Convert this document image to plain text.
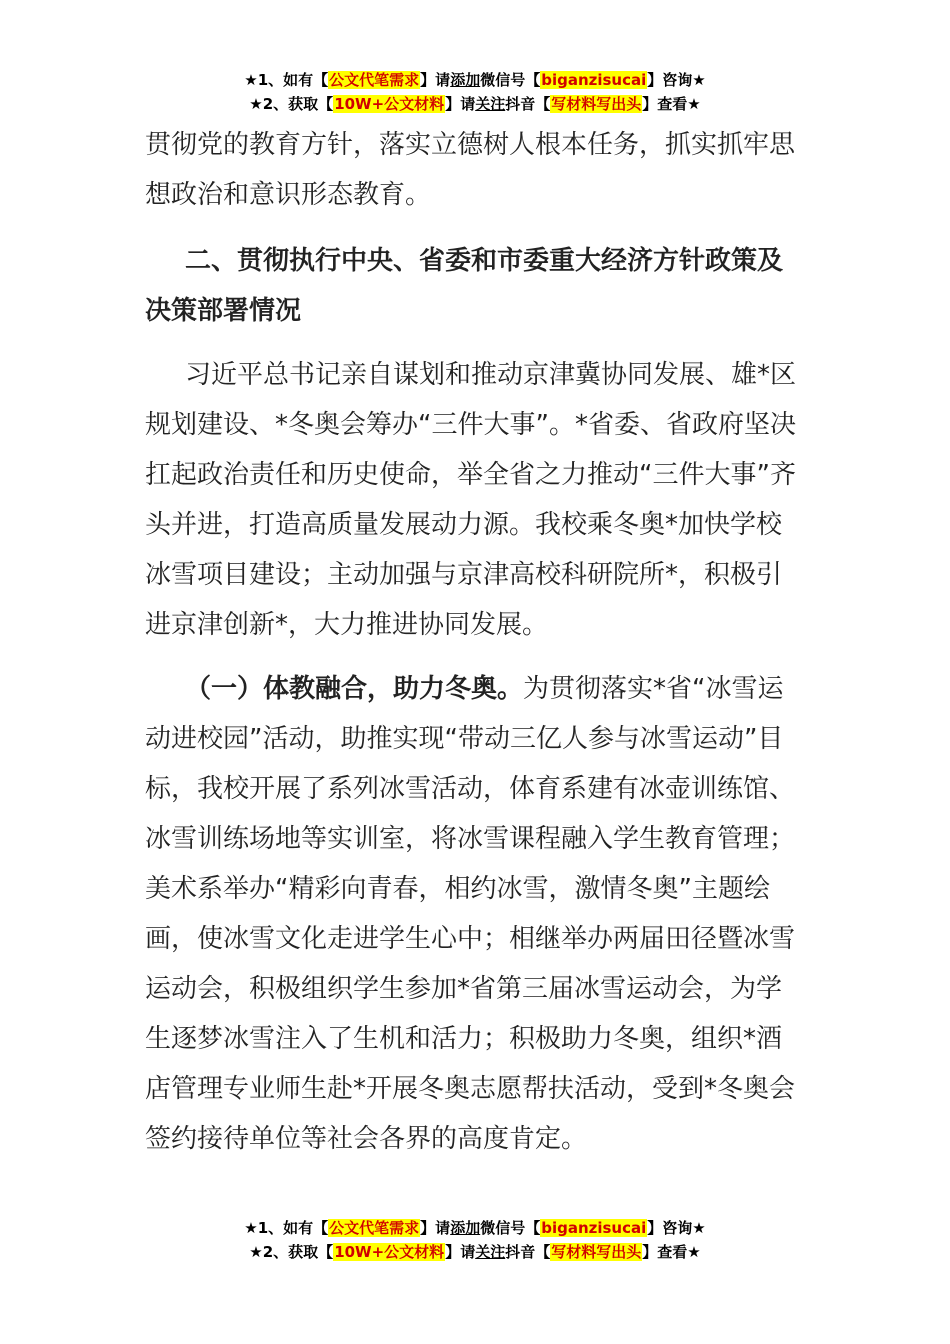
★1、如有【公文代笔需求】请添加微信号【biganzisucai】咨询★
★2、获取【10W+公文材料】请关注抖音【写材料写出头】查看★

贯彻党的教育方针，落实立德树人根本任务，抓实抓牢思想政治和意识形态教育。

二、贯彻执行中央、省委和市委重大经济方针政策及决策部署情况

习近平总书记亲自谋划和推动京津冀协同发展、雄*区规划建设、*冬奥会筹办“三件大事”。*省委、省政府坚决扛起政治责任和历史使命，举全省之力推动“三件大事”齐头并进，打造高质量发展动力源。我校乘冬奥*加快学校冰雪项目建设；主动加强与京津高校科研院所*，积极引进京津创新*，大力推进协同发展。

（一）体教融合，助力冬奥。为贯彻落实*省“冰雪运动进校园”活动，助推实现“带动三亿人参与冰雪运动”目标，我校开展了系列冰雪活动，体育系建有冰壶训练馆、冰雪训练场地等实训室，将冰雪课程融入学生教育管理；美术系举办“精彩向青春，相约冰雪，激情冬奥”主题绘画，使冰雪文化走进学生心中；相继举办两届田径暨冰雪运动会，积极组织学生参加*省第三届冰雪运动会，为学生逐梦冰雪注入了生机和活力；积极助力冬奥，组织*酒店管理专业师生赴*开展冬奥志愿帮扶活动，受到*冬奥会签约接待单位等社会各界的高度肯定。

★1、如有【公文代笔需求】请添加微信号【biganzisucai】咨询★
★2、获取【10W+公文材料】请关注抖音【写材料写出头】查看★
